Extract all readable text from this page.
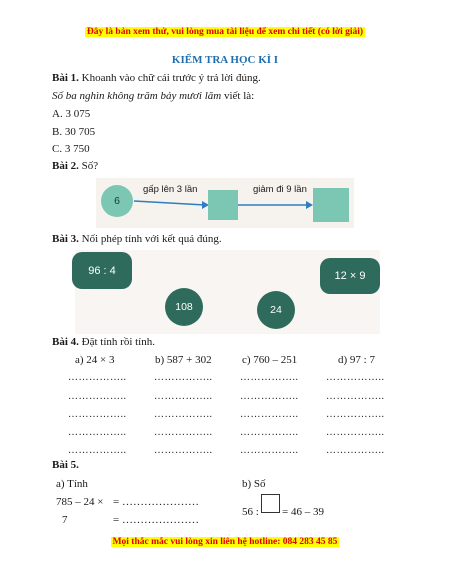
Đây là bản xem thử, vui lòng mua tài liệu để xem chi tiết (có lời giải)
KIỂM TRA HỌC KÌ I
Bài 1. Khoanh vào chữ cái trước ý trả lời đúng.
Số ba nghìn không trăm bảy mươi lăm viết là:
A. 3 075
B. 30 705
C. 3 750
Bài 2. Số?
6
gấp lên 3 lần	giảm đi 9 lần
Bài 3. Nối phép tính với kết quả đúng.
96 : 4	12 × 9
108	24
Bài 4. Đặt tính rồi tính.
a) 24 × 3	b) 587 + 302	c) 760 – 251	d) 97 : 7
……………..	……………..	……………..	……………..
……………..	……………..	……………..	……………..
……………..	……………..	……………..	……………..
……………..	……………..	……………..	……………..
……………..	……………..	……………..	……………..
Bài 5.
a) Tính	b) Số
785 – 24 × = …………………
7	= …………………
56 : = 46 – 39
Mọi thắc mắc vui lòng xin liên hệ hotline: 084 283 45 85
